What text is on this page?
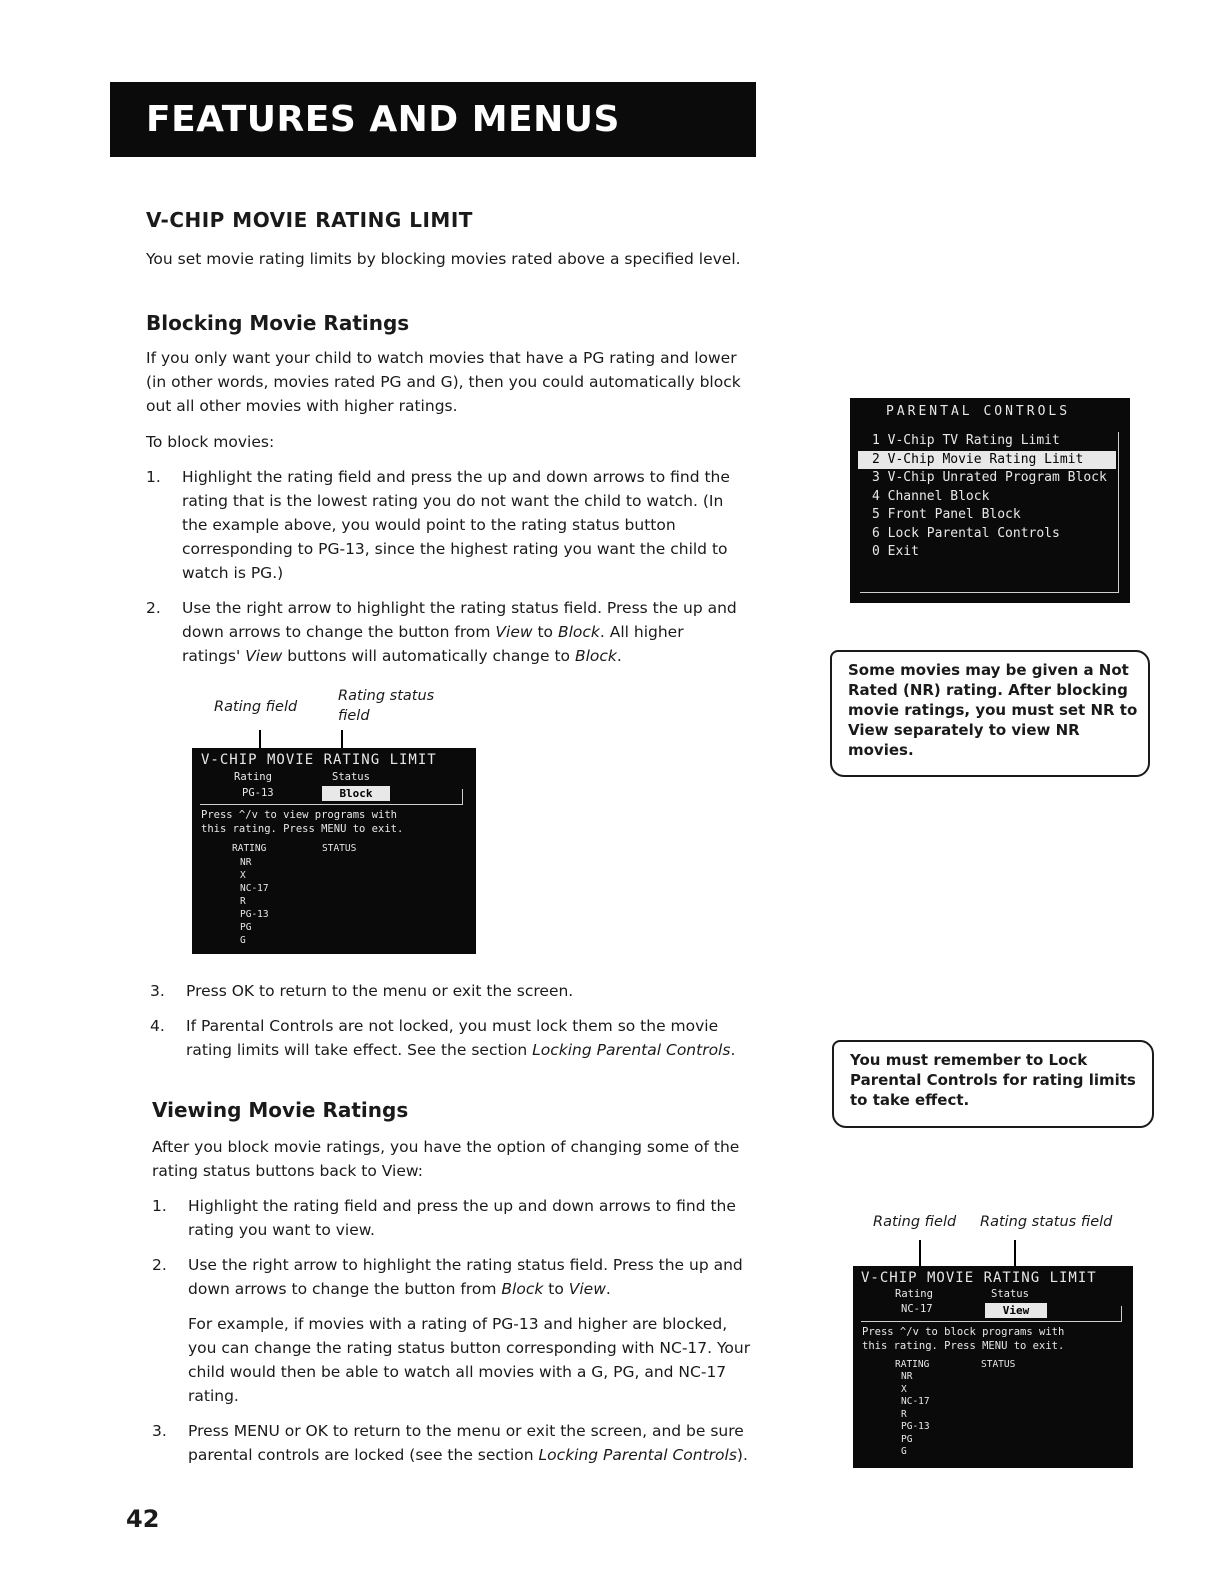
FEATURES AND MENUS
V-CHIP MOVIE RATING LIMIT
You set movie rating limits by blocking movies rated above a specified level.
Blocking Movie Ratings
If you only want your child to watch movies that have a PG rating and lower
(in other words, movies rated PG and G), then you could automatically block
out all other movies with higher ratings.
To block movies:
1. Highlight the rating field and press the up and down arrows to find the
rating that is the lowest rating you do not want the child to watch. (In
the example above, you would point to the rating status button
corresponding to PG-13, since the highest rating you want the child to
watch is PG.)
2. Use the right arrow to highlight the rating status field. Press the up and
down arrows to change the button from View to Block. All higher
ratings' View buttons will automatically change to Block.
Rating field
Rating status
field
V-CHIP MOVIE RATING LIMIT
Rating	Status
PG-13	Block
Press ^/v to view programs with
this rating. Press MENU to exit.
RATING	STATUS
NR
X
NC-17
R
PG-13
PG
G
3. Press OK to return to the menu or exit the screen.
4. If Parental Controls are not locked, you must lock them so the movie
rating limits will take effect. See the section Locking Parental Controls.
Viewing Movie Ratings
After you block movie ratings, you have the option of changing some of the
rating status buttons back to View:
1. Highlight the rating field and press the up and down arrows to find the
rating you want to view.
2. Use the right arrow to highlight the rating status field. Press the up and
down arrows to change the button from Block to View.
For example, if movies with a rating of PG-13 and higher are blocked,
you can change the rating status button corresponding with NC-17. Your
child would then be able to watch all movies with a G, PG, and NC-17
rating.
3. Press MENU or OK to return to the menu or exit the screen, and be sure
parental controls are locked (see the section Locking Parental Controls).
PARENTAL CONTROLS
1 V-Chip TV Rating Limit
2 V-Chip Movie Rating Limit
3 V-Chip Unrated Program Block
4 Channel Block
5 Front Panel Block
6 Lock Parental Controls
0 Exit
Some movies may be given a Not Rated (NR) rating. After blocking movie ratings, you must set NR to View separately to view NR movies.
You must remember to Lock Parental Controls for rating limits to take effect.
Rating field Rating status field
V-CHIP MOVIE RATING LIMIT
Rating	Status
NC-17	View
Press ^/v to block programs with
this rating. Press MENU to exit.
RATING	STATUS
NR
X
NC-17
R
PG-13
PG
G
42
